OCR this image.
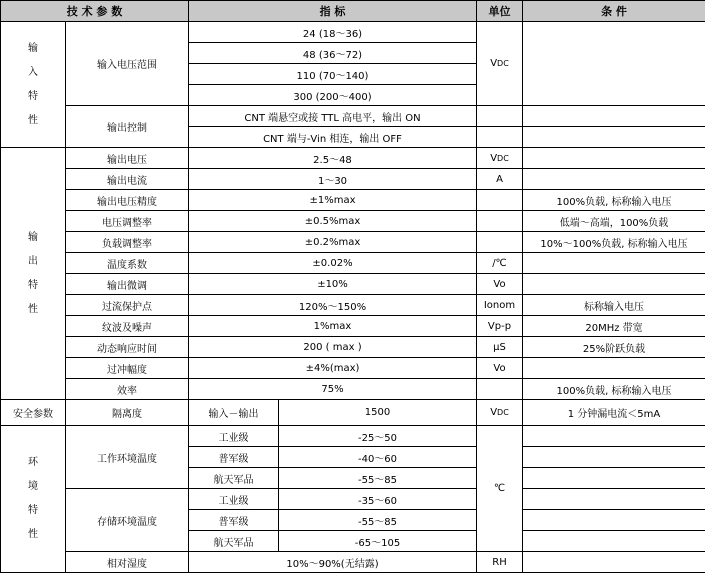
技 术 参 数		指 标		单位	条 件
输
入
特
性	输入电压范围	24 (18～36)		VDC	
		48 (36～72)			
		110 (70～140)			
		300 (200～400)			
	输出控制	CNT 端悬空或接 TTL 高电平，输出 ON			
		CNT 端与-Vin 相连，输出 OFF			
输
出
特
性	输出电压	2.5～48		VDC	
	输出电流	1～30		A	
	输出电压精度	±1%max			100%负载, 标称输入电压
	电压调整率	±0.5%max			低端～高端，100%负载
	负载调整率	±0.2%max			10%～100%负载, 标称输入电压
	温度系数	±0.02%		/℃	
	输出微调	±10%		Vo	
	过流保护点	120%～150%		Ionom	标称输入电压
	纹波及噪声	1%max		Vp-p	20MHz 带宽
	动态响应时间	200 ( max )		μS	25%阶跃负载
	过冲幅度	±4%(max)		Vo	
	效率	75%			100%负载, 标称输入电压
安全参数	隔离度	输入－输出	1500	VDC	1 分钟漏电流＜5mA
环
境
特
性	工作环境温度	工业级	-25～50	℃	
		普军级	-40～60		
		航天军品	-55～85		
	存储环境温度	工业级	-35～60		
		普军级	-55～85		
		航天军品	-65～105		
	相对湿度	10%～90%(无结露)		RH	
